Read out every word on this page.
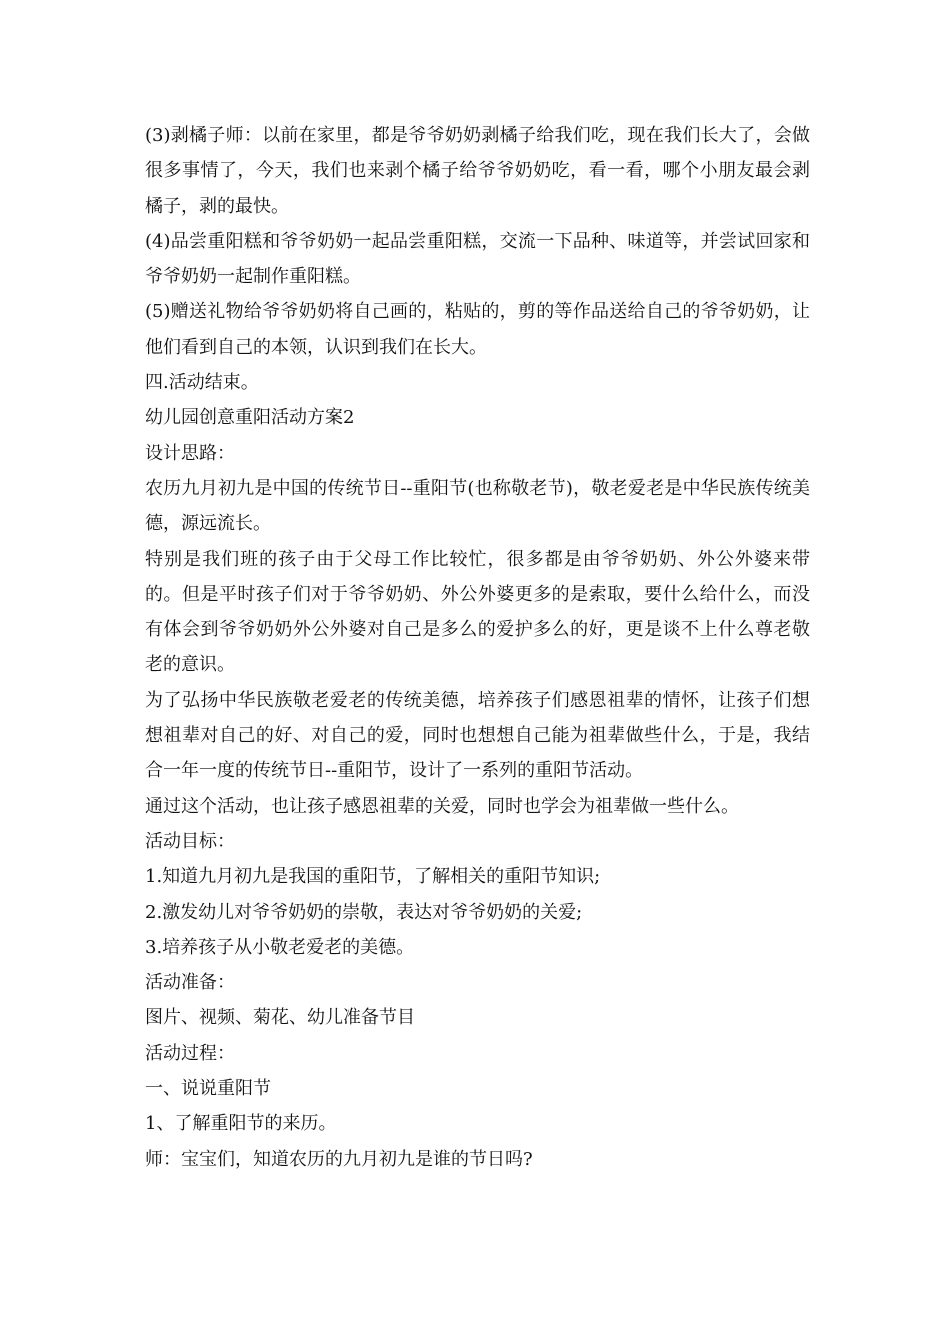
(3)剥橘子师：以前在家里，都是爷爷奶奶剥橘子给我们吃，现在我们长大了，会做很多事情了，今天，我们也来剥个橘子给爷爷奶奶吃，看一看，哪个小朋友最会剥橘子，剥的最快。

(4)品尝重阳糕和爷爷奶奶一起品尝重阳糕，交流一下品种、味道等，并尝试回家和爷爷奶奶一起制作重阳糕。

(5)赠送礼物给爷爷奶奶将自己画的，粘贴的，剪的等作品送给自己的爷爷奶奶，让他们看到自己的本领，认识到我们在长大。

四.活动结束。

幼儿园创意重阳活动方案2

设计思路：

农历九月初九是中国的传统节日--重阳节(也称敬老节)，敬老爱老是中华民族传统美德，源远流长。

特别是我们班的孩子由于父母工作比较忙，很多都是由爷爷奶奶、外公外婆来带的。但是平时孩子们对于爷爷奶奶、外公外婆更多的是索取，要什么给什么，而没有体会到爷爷奶奶外公外婆对自己是多么的爱护多么的好，更是谈不上什么尊老敬老的意识。

为了弘扬中华民族敬老爱老的传统美德，培养孩子们感恩祖辈的情怀，让孩子们想想祖辈对自己的好、对自己的爱，同时也想想自己能为祖辈做些什么，于是，我结合一年一度的传统节日--重阳节，设计了一系列的重阳节活动。

通过这个活动，也让孩子感恩祖辈的关爱，同时也学会为祖辈做一些什么。

活动目标：

1.知道九月初九是我国的重阳节，了解相关的重阳节知识;

2.激发幼儿对爷爷奶奶的崇敬，表达对爷爷奶奶的关爱;

3.培养孩子从小敬老爱老的美德。

活动准备：

图片、视频、菊花、幼儿准备节目

活动过程：

一、说说重阳节

1、了解重阳节的来历。

师：宝宝们，知道农历的九月初九是谁的节日吗?
